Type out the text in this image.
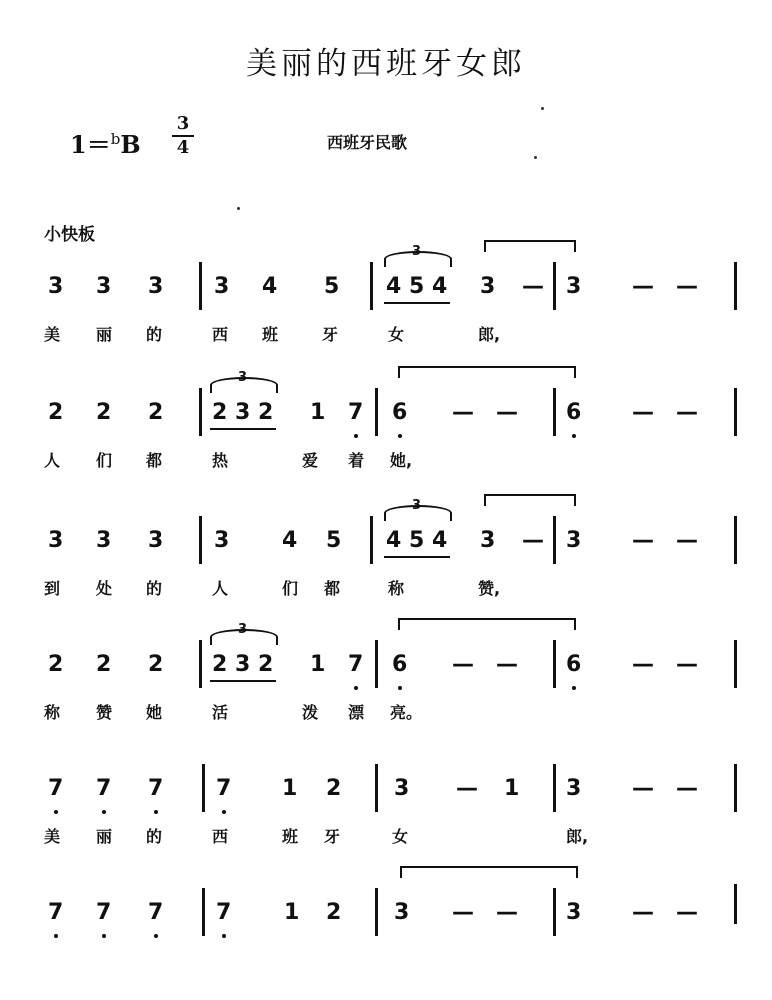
美丽的西班牙女郎
1＝$^b$B
3
4	西班牙民歌
小快板
3 3 3 3 4 5
3
4 5 4 3 — 3 — —
美 丽 的	西 班	牙	女	郎,
2 2 2
3
2 3 2 1 7 6 — — 6 — —
人 们 都	热	爱 着 她,
3 3 3 3 4 5
3
4 5 4 3 — 3 — —
到 处 的	人	们 都	称	赞,
2 2 2
3
2 3 2 1 7 6 — — 6 — —
称 赞 她	活	泼 漂 亮。
7 7 7 7 1 2 3 — 1 3 — —
美 丽 的	西	班 牙	女	郎,
7 7 7 7 1 2 3 — — 3 — —
